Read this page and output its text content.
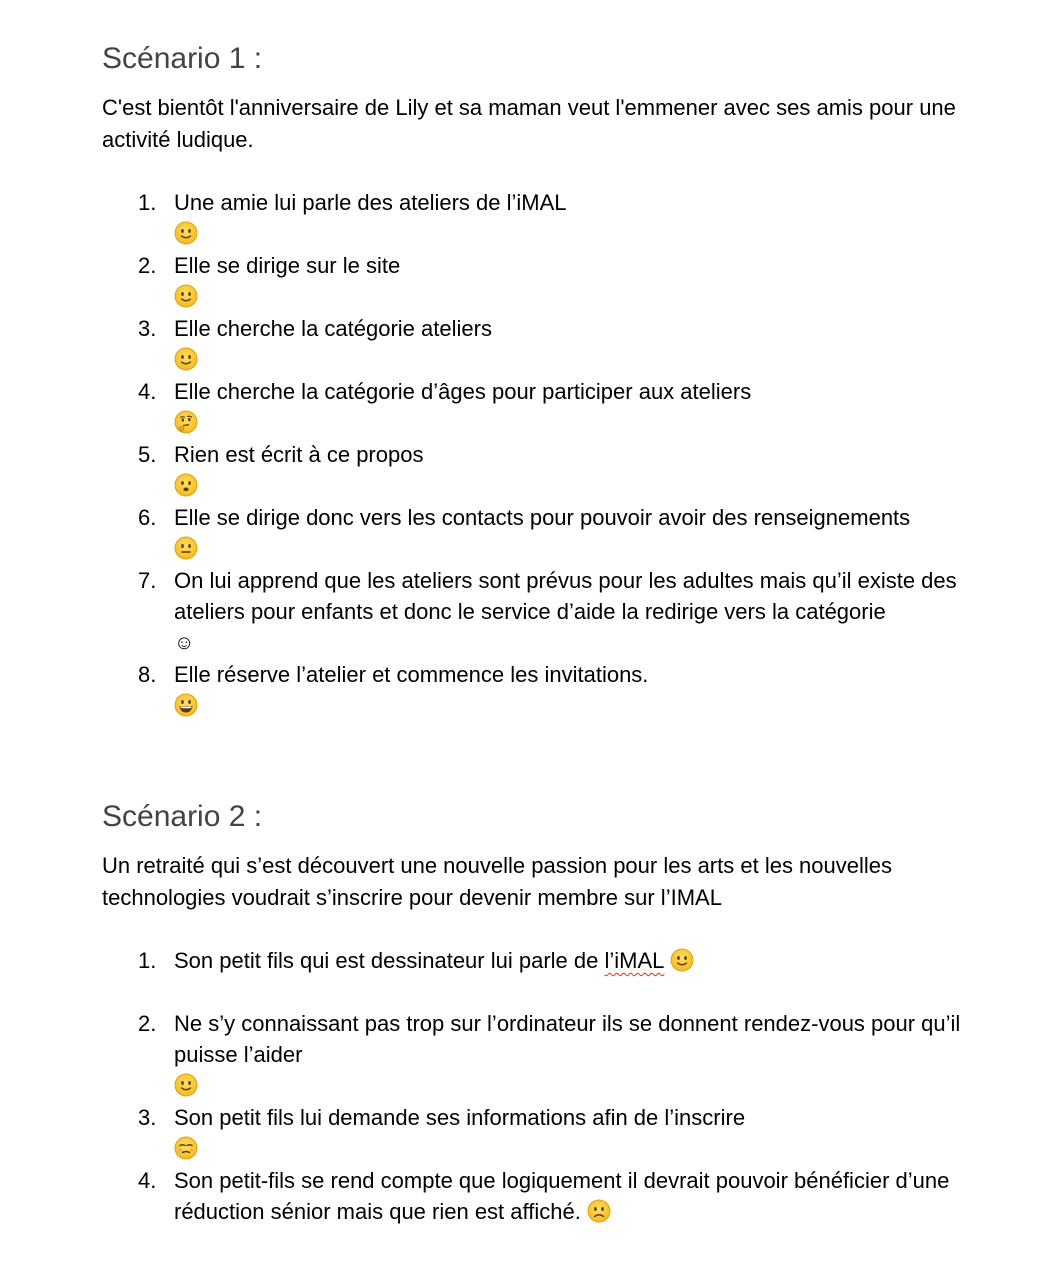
Scénario 1 :

C'est bientôt l'anniversaire de Lily et sa maman veut l'emmener avec ses amis pour une activité ludique.

1. Une amie lui parle des ateliers de l’iMAL
2. Elle se dirige sur le site
3. Elle cherche la catégorie ateliers
4. Elle cherche la catégorie d’âges pour participer aux ateliers
5. Rien est écrit à ce propos
6. Elle se dirige donc vers les contacts pour pouvoir avoir des renseignements
7. On lui apprend que les ateliers sont prévus pour les adultes mais qu’il existe des ateliers pour enfants et donc le service d’aide la redirige vers la catégorie
☺
8. Elle réserve l’atelier et commence les invitations.
Scénario 2 :

Un retraité qui s’est découvert une nouvelle passion pour les arts et les nouvelles technologies voudrait s’inscrire pour devenir membre sur l’IMAL

1. Son petit fils qui est dessinateur lui parle de l’iMAL
2. Ne s’y connaissant pas trop sur l’ordinateur ils se donnent rendez-vous pour qu’il puisse l’aider
3. Son petit fils lui demande ses informations afin de l’inscrire
4. Son petit-fils se rend compte que logiquement il devrait pouvoir bénéficier d’une réduction sénior mais que rien est affiché.
